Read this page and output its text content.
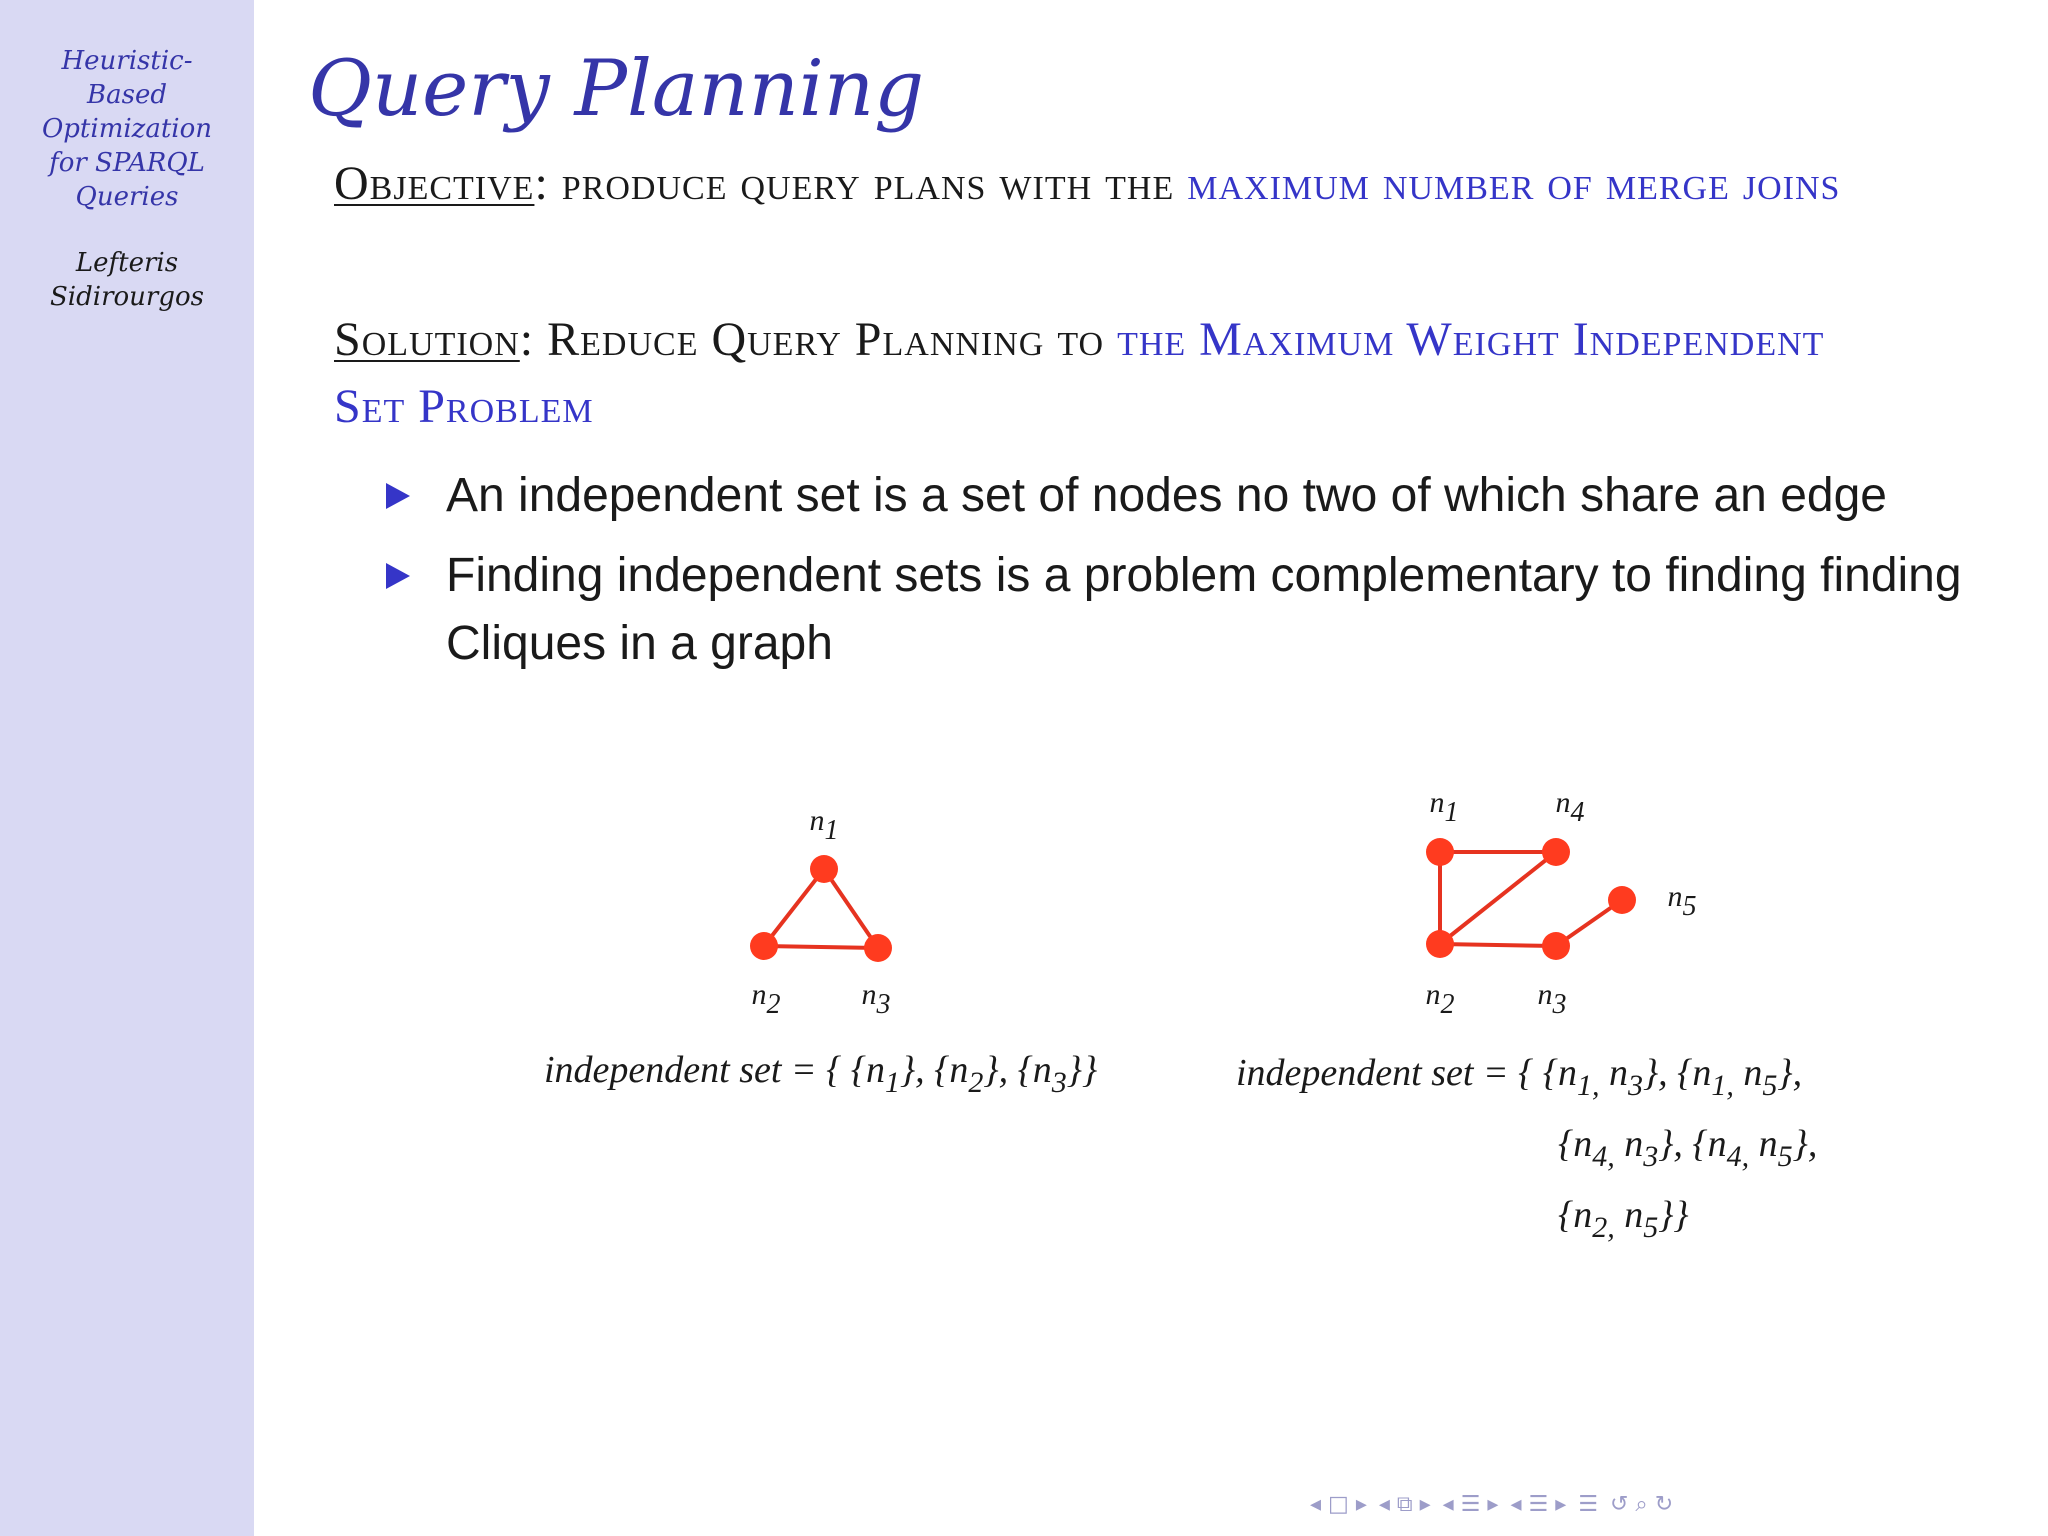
Heuristic-
Based
Optimization
for SPARQL
Queries
Lefteris
Sidirourgos
Query Planning
Objective: produce query plans with the maximum number of merge joins
Solution: Reduce Query Planning to the Maximum Weight Independent Set Problem
An independent set is a set of nodes no two of which share an edge
Finding independent sets is a problem complementary to finding finding Cliques in a graph
n1
n2	n3
n1	n4
n5
n2	n3
independent set = { $\{n_1\}$, $\{n_2\}$, $\{n_3\}$}	independent set = { {$n_{1,}$ $n_3$}, {$n_{1,}$ $n_5$},
{$n_{4,}$ $n_3$}, {$n_{4,}$ $n_5$},
{$n_{2,}$ $n_5$}}
◂ □ ▸ ◂ ⧉ ▸ ◂ ☰ ▸ ◂ ☰ ▸ ☰ ↺ ⌕ ↻
